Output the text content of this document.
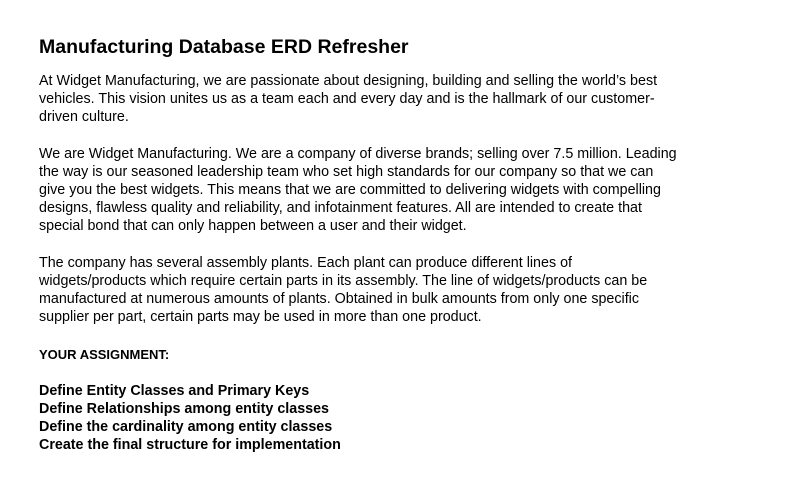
Manufacturing Database ERD Refresher
At Widget Manufacturing, we are passionate about designing, building and selling the world’s best
vehicles. This vision unites us as a team each and every day and is the hallmark of our customer-
driven culture.
We are Widget Manufacturing. We are a company of diverse brands; selling over 7.5 million. Leading
the way is our seasoned leadership team who set high standards for our company so that we can
give you the best widgets. This means that we are committed to delivering widgets with compelling
designs, flawless quality and reliability, and infotainment features. All are intended to create that
special bond that can only happen between a user and their widget.
The company has several assembly plants. Each plant can produce different lines of
widgets/products which require certain parts in its assembly. The line of widgets/products can be
manufactured at numerous amounts of plants. Obtained in bulk amounts from only one specific
supplier per part, certain parts may be used in more than one product.
YOUR ASSIGNMENT:
Define Entity Classes and Primary Keys
Define Relationships among entity classes
Define the cardinality among entity classes
Create the final structure for implementation
